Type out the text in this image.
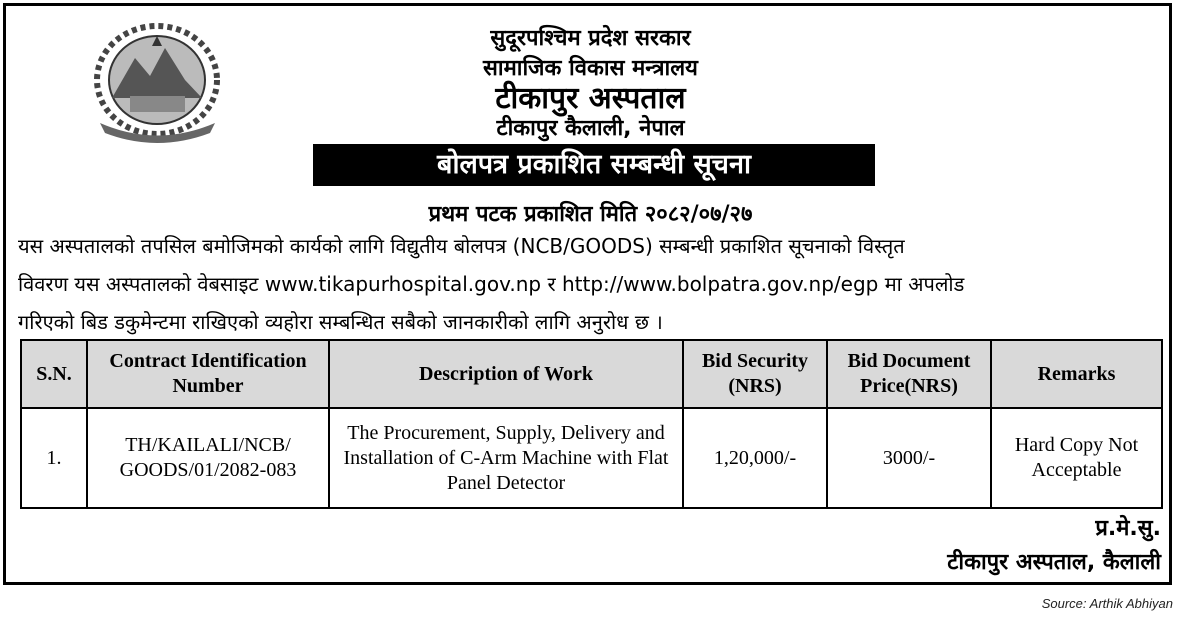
सुदूरपश्चिम प्रदेश सरकार
सामाजिक विकास मन्त्रालय
टीकापुर अस्पताल
टीकापुर कैलाली, नेपाल
बोलपत्र प्रकाशित सम्बन्धी सूचना
प्रथम पटक प्रकाशित मिति २०८२/०७/२७
यस अस्पतालको तपसिल बमोजिमको कार्यको लागि विद्युतीय बोलपत्र (NCB/GOODS) सम्बन्धी प्रकाशित सूचनाको विस्तृत
विवरण यस अस्पतालको वेबसाइट www.tikapurhospital.gov.np र http://www.bolpatra.gov.np/egp मा अपलोड
गरिएको बिड डकुमेन्टमा राखिएको व्यहोरा सम्बन्धित सबैको जानकारीको लागि अनुरोध छ ।
S.N.	Contract Identification Number	Description of Work	Bid Security (NRS)	Bid Document Price(NRS)	Remarks
1.	TH/KAILALI/NCB/ GOODS/01/2082-083	The Procurement, Supply, Delivery and Installation of C-Arm Machine with Flat Panel Detector	1,20,000/-	3000/-	Hard Copy Not Acceptable
प्र.मे.सु.
टीकापुर अस्पताल, कैलाली
Source: Arthik Abhiyan
